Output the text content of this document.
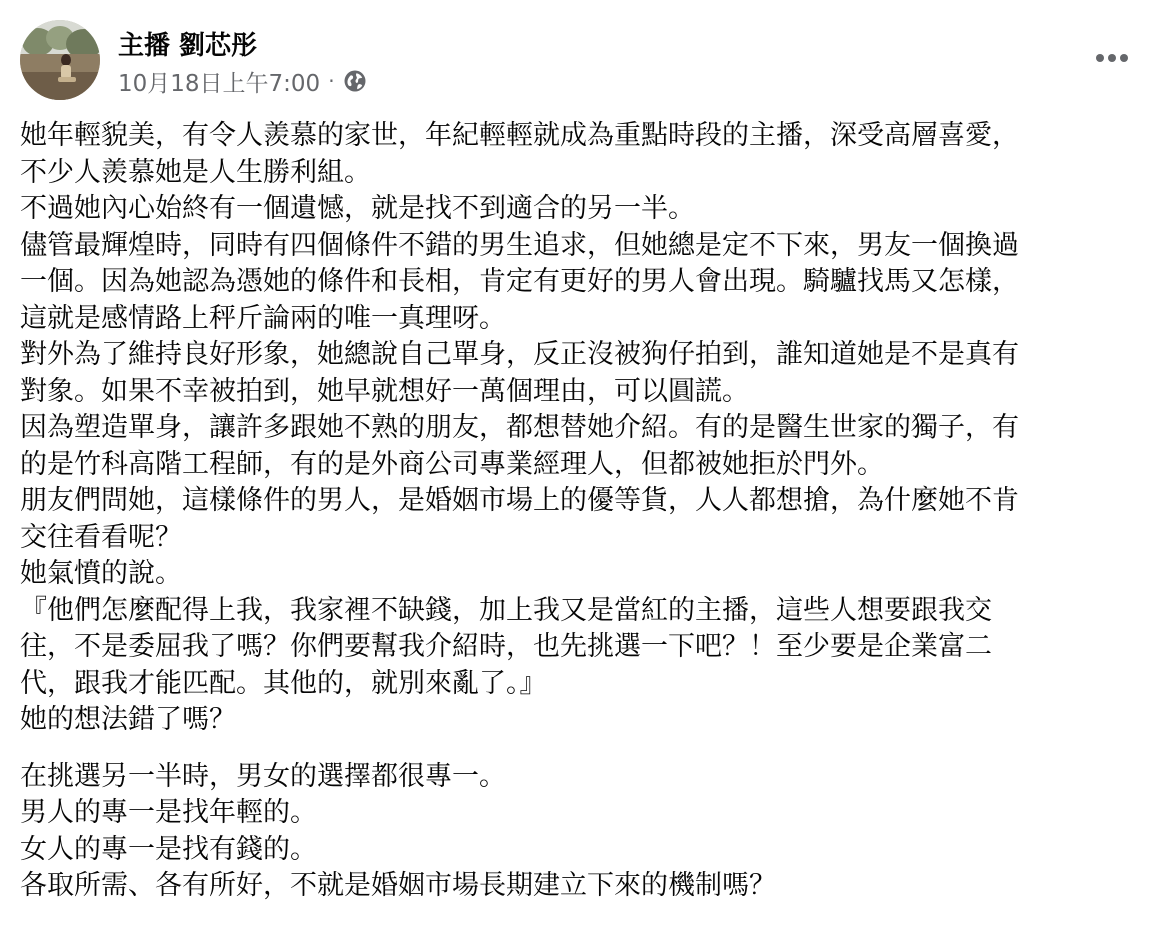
主播 劉芯彤
10月18日上午7:00 ·
她年輕貌美，有令人羨慕的家世，年紀輕輕就成為重點時段的主播，深受高層喜愛，
不少人羨慕她是人生勝利組。
不過她內心始終有一個遺憾，就是找不到適合的另一半。
儘管最輝煌時，同時有四個條件不錯的男生追求，但她總是定不下來，男友一個換過
一個。因為她認為憑她的條件和長相，肯定有更好的男人會出現。騎驢找馬又怎樣，
這就是感情路上秤斤論兩的唯一真理呀。
對外為了維持良好形象，她總說自己單身，反正沒被狗仔拍到，誰知道她是不是真有
對象。如果不幸被拍到，她早就想好一萬個理由，可以圓謊。
因為塑造單身，讓許多跟她不熟的朋友，都想替她介紹。有的是醫生世家的獨子，有
的是竹科高階工程師，有的是外商公司專業經理人，但都被她拒於門外。
朋友們問她，這樣條件的男人，是婚姻市場上的優等貨，人人都想搶，為什麼她不肯
交往看看呢？
她氣憤的說。
『他們怎麼配得上我，我家裡不缺錢，加上我又是當紅的主播，這些人想要跟我交
往，不是委屈我了嗎？你們要幫我介紹時，也先挑選一下吧？！至少要是企業富二
代，跟我才能匹配。其他的，就別來亂了。』
她的想法錯了嗎？
在挑選另一半時，男女的選擇都很專一。
男人的專一是找年輕的。
女人的專一是找有錢的。
各取所需、各有所好，不就是婚姻市場長期建立下來的機制嗎？
